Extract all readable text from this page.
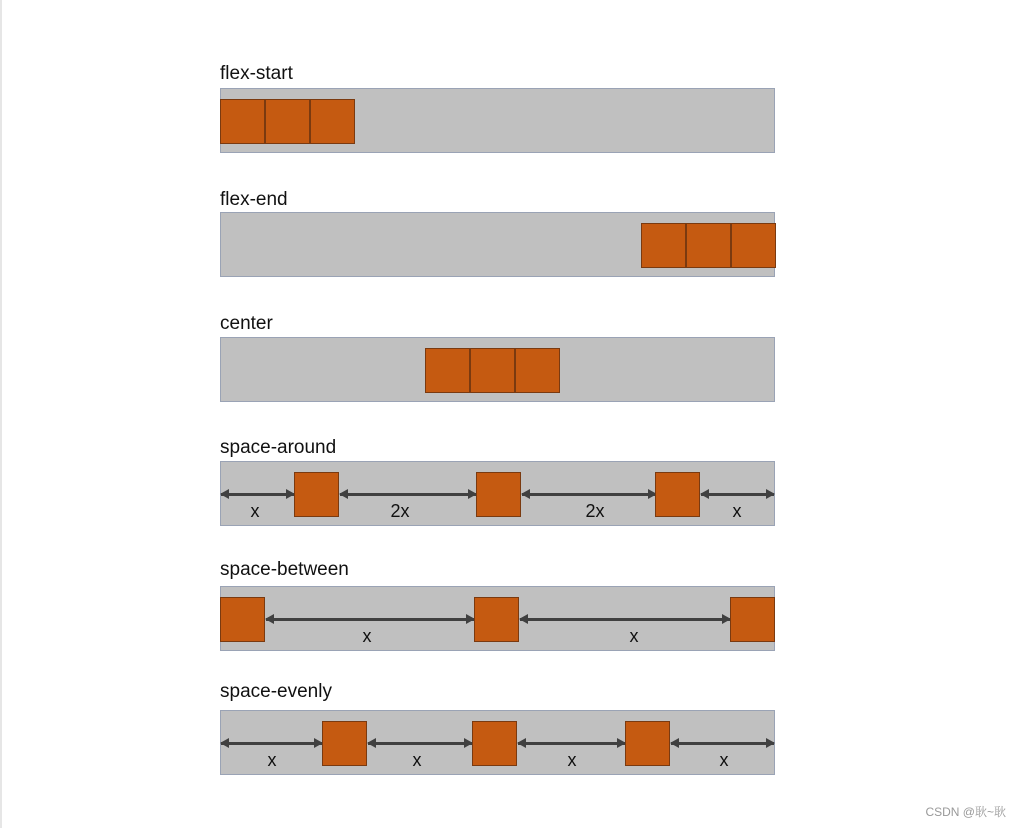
flex-start
flex-end
center
space-around
x	2x	2x	x
space-between
x	x
space-evenly
x	x	x	x
CSDN @耿~耿
